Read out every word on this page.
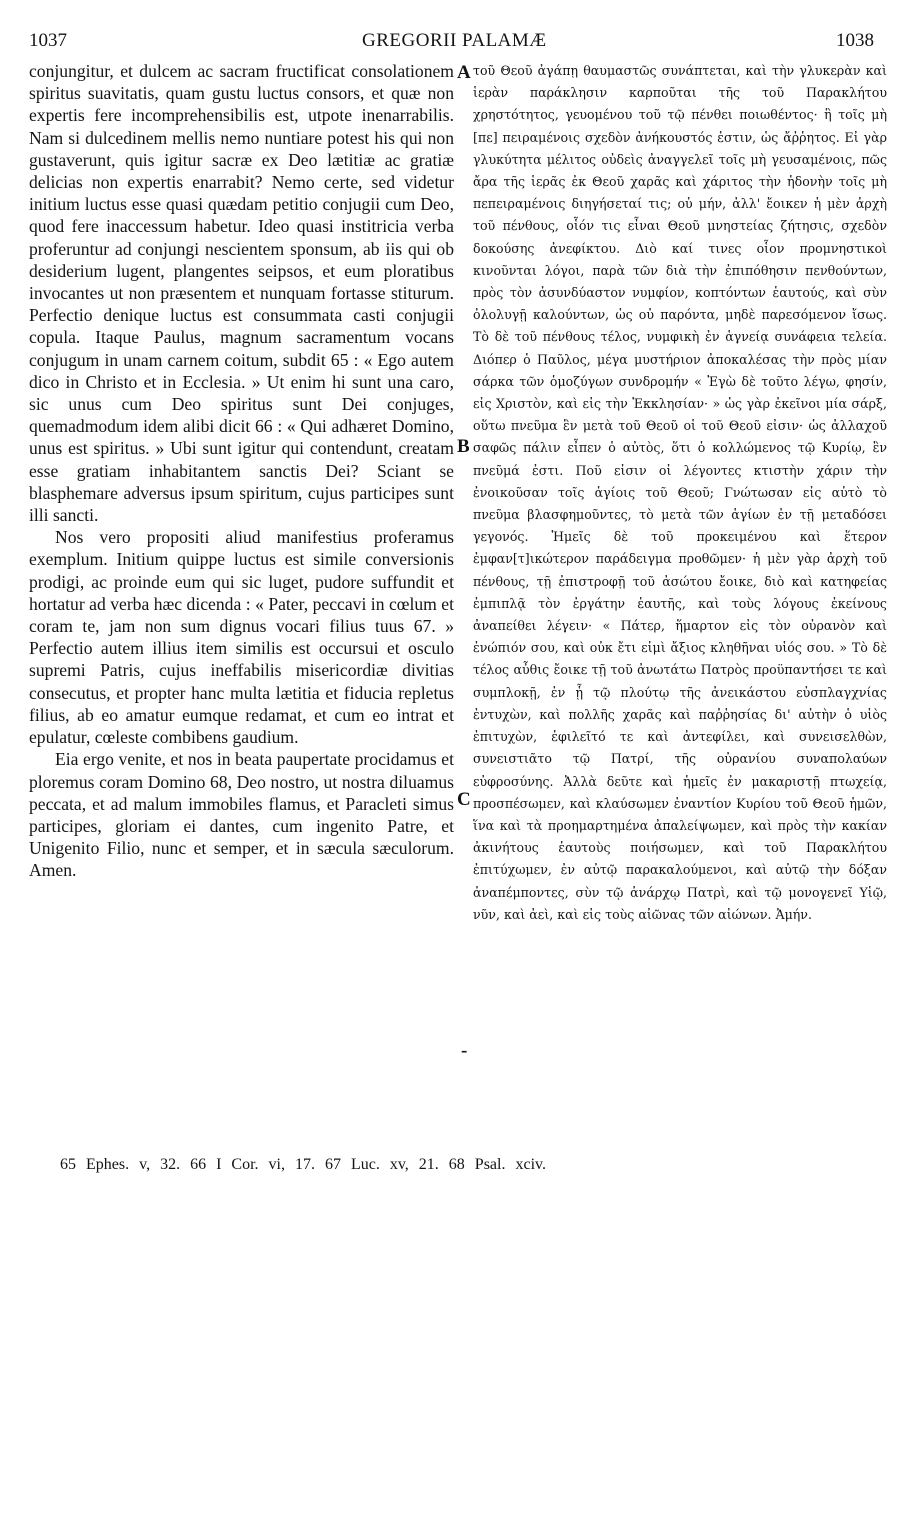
1037	GREGORII PALAMÆ	1038
A
B
C
-

conjungitur, et dulcem ac sacram fructificat consolationem spiritus suavitatis, quam gustu luctus consors, et quæ non expertis fere incomprehensibilis est, utpote inenarrabilis. Nam si dulcedinem mellis nemo nuntiare potest his qui non gustaverunt, quis igitur sacræ ex Deo lætitiæ ac gratiæ delicias non expertis enarrabit? Nemo certe, sed videtur initium luctus esse quasi quædam petitio conjugii cum Deo, quod fere inaccessum habetur. Ideo quasi institricia verba proferuntur ad conjungi nescientem sponsum, ab iis qui ob desiderium lugent, plangentes seipsos, et eum ploratibus invocantes ut non præsentem et nunquam fortasse stiturum. Perfectio denique luctus est consummata casti conjugii copula. Itaque Paulus, magnum sacramentum vocans conjugum in unam carnem coitum, subdit 65 : « Ego autem dico in Christo et in Ecclesia. » Ut enim hi sunt una caro, sic unus cum Deo spiritus sunt Dei conjuges, quemadmodum idem alibi dicit 66 : « Qui adhæret Domino, unus est spiritus. » Ubi sunt igitur qui contendunt, creatam esse gratiam inhabitantem sanctis Dei? Sciant se blasphemare adversus ipsum spiritum, cujus participes sunt illi sancti.

Nos vero propositi aliud manifestius proferamus exemplum. Initium quippe luctus est simile conversionis prodigi, ac proinde eum qui sic luget, pudore suffundit et hortatur ad verba hæc dicenda : « Pater, peccavi in cœlum et coram te, jam non sum dignus vocari filius tuus 67. » Perfectio autem illius item similis est occursui et osculo supremi Patris, cujus ineffabilis misericordiæ divitias consecutus, et propter hanc multa lætitia et fiducia repletus filius, ab eo amatur eumque redamat, et cum eo intrat et epulatur, cœleste combibens gaudium.

Eia ergo venite, et nos in beata paupertate procidamus et ploremus coram Domino 68, Deo nostro, ut nostra diluamus peccata, et ad malum immobiles flamus, et Paracleti simus participes, gloriam ei dantes, cum ingenito Patre, et Unigenito Filio, nunc et semper, et in sæcula sæculorum. Amen.

τοῦ Θεοῦ ἀγάπῃ θαυμαστῶς συνάπτεται, καὶ τὴν γλυκερὰν καὶ ἱερὰν παράκλησιν καρποῦται τῆς τοῦ Παρακλήτου χρηστότητος, γευομένου τοῦ τῷ πένθει ποιωθέντος· ἣ τοῖς μὴ [πε] πειραμένοις σχεδὸν ἀνήκουστός ἐστιν, ὡς ἄῤῥητος. Εἰ γὰρ γλυκύτητα μέλιτος οὐδεὶς ἀναγγελεῖ τοῖς μὴ γευσαμένοις, πῶς ἄρα τῆς ἱερᾶς ἐκ Θεοῦ χαρᾶς καὶ χάριτος τὴν ἡδονὴν τοῖς μὴ πεπειραμένοις διηγήσεταί τις; οὐ μήν, ἀλλ' ἔοικεν ἡ μὲν ἀρχὴ τοῦ πένθους, οἷόν τις εἶναι Θεοῦ μνηστείας ζήτησις, σχεδὸν δοκούσης ἀνεφίκτου. Διὸ καί τινες οἷον προμνηστικοὶ κινοῦνται λόγοι, παρὰ τῶν διὰ τὴν ἐπιπόθησιν πενθούντων, πρὸς τὸν ἀσυνδύαστον νυμφίον, κοπτόντων ἑαυτούς, καὶ σὺν ὀλολυγῇ καλούντων, ὡς οὐ παρόντα, μηδὲ παρεσόμενον ἴσως. Τὸ δὲ τοῦ πένθους τέλος, νυμφικὴ ἐν ἁγνείᾳ συνάφεια τελεία. Διόπερ ὁ Παῦλος, μέγα μυστήριον ἀποκαλέσας τὴν πρὸς μίαν σάρκα τῶν ὁμοζύγων συνδρομήν « Ἐγὼ δὲ τοῦτο λέγω, φησίν, εἰς Χριστὸν, καὶ εἰς τὴν Ἐκκλησίαν· » ὡς γὰρ ἐκεῖνοι μία σάρξ, οὕτω πνεῦμα ἓν μετὰ τοῦ Θεοῦ οἱ τοῦ Θεοῦ εἰσιν· ὡς ἀλλαχοῦ σαφῶς πάλιν εἶπεν ὁ αὐτὸς, ὅτι ὁ κολλώμενος τῷ Κυρίῳ, ἓν πνεῦμά ἐστι. Ποῦ εἰσιν οἱ λέγοντες κτιστὴν χάριν τὴν ἐνοικοῦσαν τοῖς ἁγίοις τοῦ Θεοῦ; Γνώτωσαν εἰς αὐτὸ τὸ πνεῦμα βλασφημοῦντες, τὸ μετὰ τῶν ἁγίων ἐν τῇ μεταδόσει γεγονός. Ἡμεῖς δὲ τοῦ προκειμένου καὶ ἕτερον ἐμφαν[τ]ικώτερον παράδειγμα προθῶμεν· ἡ μὲν γὰρ ἀρχὴ τοῦ πένθους, τῇ ἐπιστροφῇ τοῦ ἀσώτου ἔοικε, διὸ καὶ κατηφείας ἐμπιπλᾷ τὸν ἐργάτην ἑαυτῆς, καὶ τοὺς λόγους ἐκείνους ἀναπείθει λέγειν· « Πάτερ, ἥμαρτον εἰς τὸν οὐρανὸν καὶ ἐνώπιόν σου, καὶ οὐκ ἔτι εἰμὶ ἄξιος κληθῆναι υἱός σου. » Τὸ δὲ τέλος αὖθις ἔοικε τῇ τοῦ ἀνωτάτω Πατρὸς προϋπαντήσει τε καὶ συμπλοκῇ, ἐν ᾗ τῷ πλούτῳ τῆς ἀνεικάστου εὐσπλαγχνίας ἐντυχὼν, καὶ πολλῆς χαρᾶς καὶ παῤῥησίας δι' αὐτὴν ὁ υἱὸς ἐπιτυχὼν, ἐφιλεῖτό τε καὶ ἀντεφίλει, καὶ συνεισελθὼν, συνειστιᾶτο τῷ Πατρί, τῆς οὐρανίου συναπολαύων εὐφροσύνης. Ἀλλὰ δεῦτε καὶ ἡμεῖς ἐν μακαριστῇ πτωχείᾳ, προσπέσωμεν, καὶ κλαύσωμεν ἐναντίον Κυρίου τοῦ Θεοῦ ἡμῶν, ἵνα καὶ τὰ προημαρτημένα ἀπαλείψωμεν, καὶ πρὸς τὴν κακίαν ἀκινήτους ἑαυτοὺς ποιήσωμεν, καὶ τοῦ Παρακλήτου ἐπιτύχωμεν, ἐν αὐτῷ παρακαλούμενοι, καὶ αὐτῷ τὴν δόξαν ἀναπέμποντες, σὺν τῷ ἀνάρχῳ Πατρὶ, καὶ τῷ μονογενεῖ Υἱῷ, νῦν, καὶ ἀεὶ, καὶ εἰς τοὺς αἰῶνας τῶν αἰώνων. Ἀμήν.

65 Ephes. v, 32. 66 I Cor. vi, 17. 67 Luc. xv, 21. 68 Psal. xciv.
